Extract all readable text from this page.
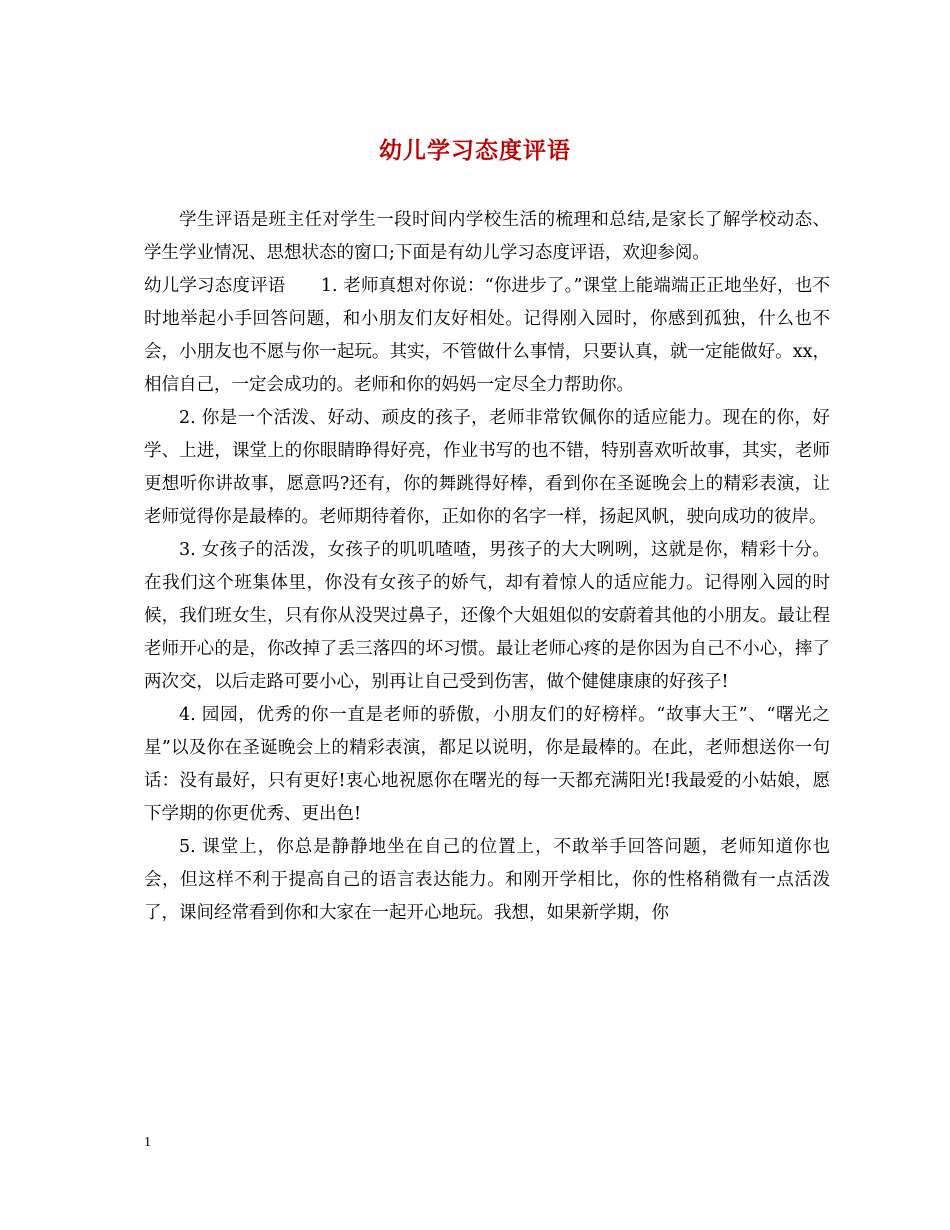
幼儿学习态度评语

学生评语是班主任对学生一段时间内学校生活的梳理和总结,是家长了解学校动态、学生学业情况、思想状态的窗口;下面是有幼儿学习态度评语，欢迎参阅。

幼儿学习态度评语　　1. 老师真想对你说：“你进步了。”课堂上能端端正正地坐好，也不时地举起小手回答问题，和小朋友们友好相处。记得刚入园时，你感到孤独，什么也不会，小朋友也不愿与你一起玩。其实，不管做什么事情，只要认真，就一定能做好。xx，相信自己，一定会成功的。老师和你的妈妈一定尽全力帮助你。

2. 你是一个活泼、好动、顽皮的孩子，老师非常钦佩你的适应能力。现在的你，好学、上进，课堂上的你眼睛睁得好亮，作业书写的也不错，特别喜欢听故事，其实，老师更想听你讲故事，愿意吗?还有，你的舞跳得好棒，看到你在圣诞晚会上的精彩表演，让老师觉得你是最棒的。老师期待着你，正如你的名字一样，扬起风帆，驶向成功的彼岸。

3. 女孩子的活泼，女孩子的叽叽喳喳，男孩子的大大咧咧，这就是你，精彩十分。在我们这个班集体里，你没有女孩子的娇气，却有着惊人的适应能力。记得刚入园的时候，我们班女生，只有你从没哭过鼻子，还像个大姐姐似的安蔚着其他的小朋友。最让程老师开心的是，你改掉了丢三落四的坏习惯。最让老师心疼的是你因为自己不小心，摔了两次交，以后走路可要小心，别再让自己受到伤害，做个健健康康的好孩子!

4. 园园，优秀的你一直是老师的骄傲，小朋友们的好榜样。“故事大王”、“曙光之星”以及你在圣诞晚会上的精彩表演，都足以说明，你是最棒的。在此，老师想送你一句话：没有最好，只有更好!衷心地祝愿你在曙光的每一天都充满阳光!我最爱的小姑娘，愿下学期的你更优秀、更出色!

5. 课堂上，你总是静静地坐在自己的位置上，不敢举手回答问题，老师知道你也会，但这样不利于提高自己的语言表达能力。和刚开学相比，你的性格稍微有一点活泼了，课间经常看到你和大家在一起开心地玩。我想，如果新学期，你

1
